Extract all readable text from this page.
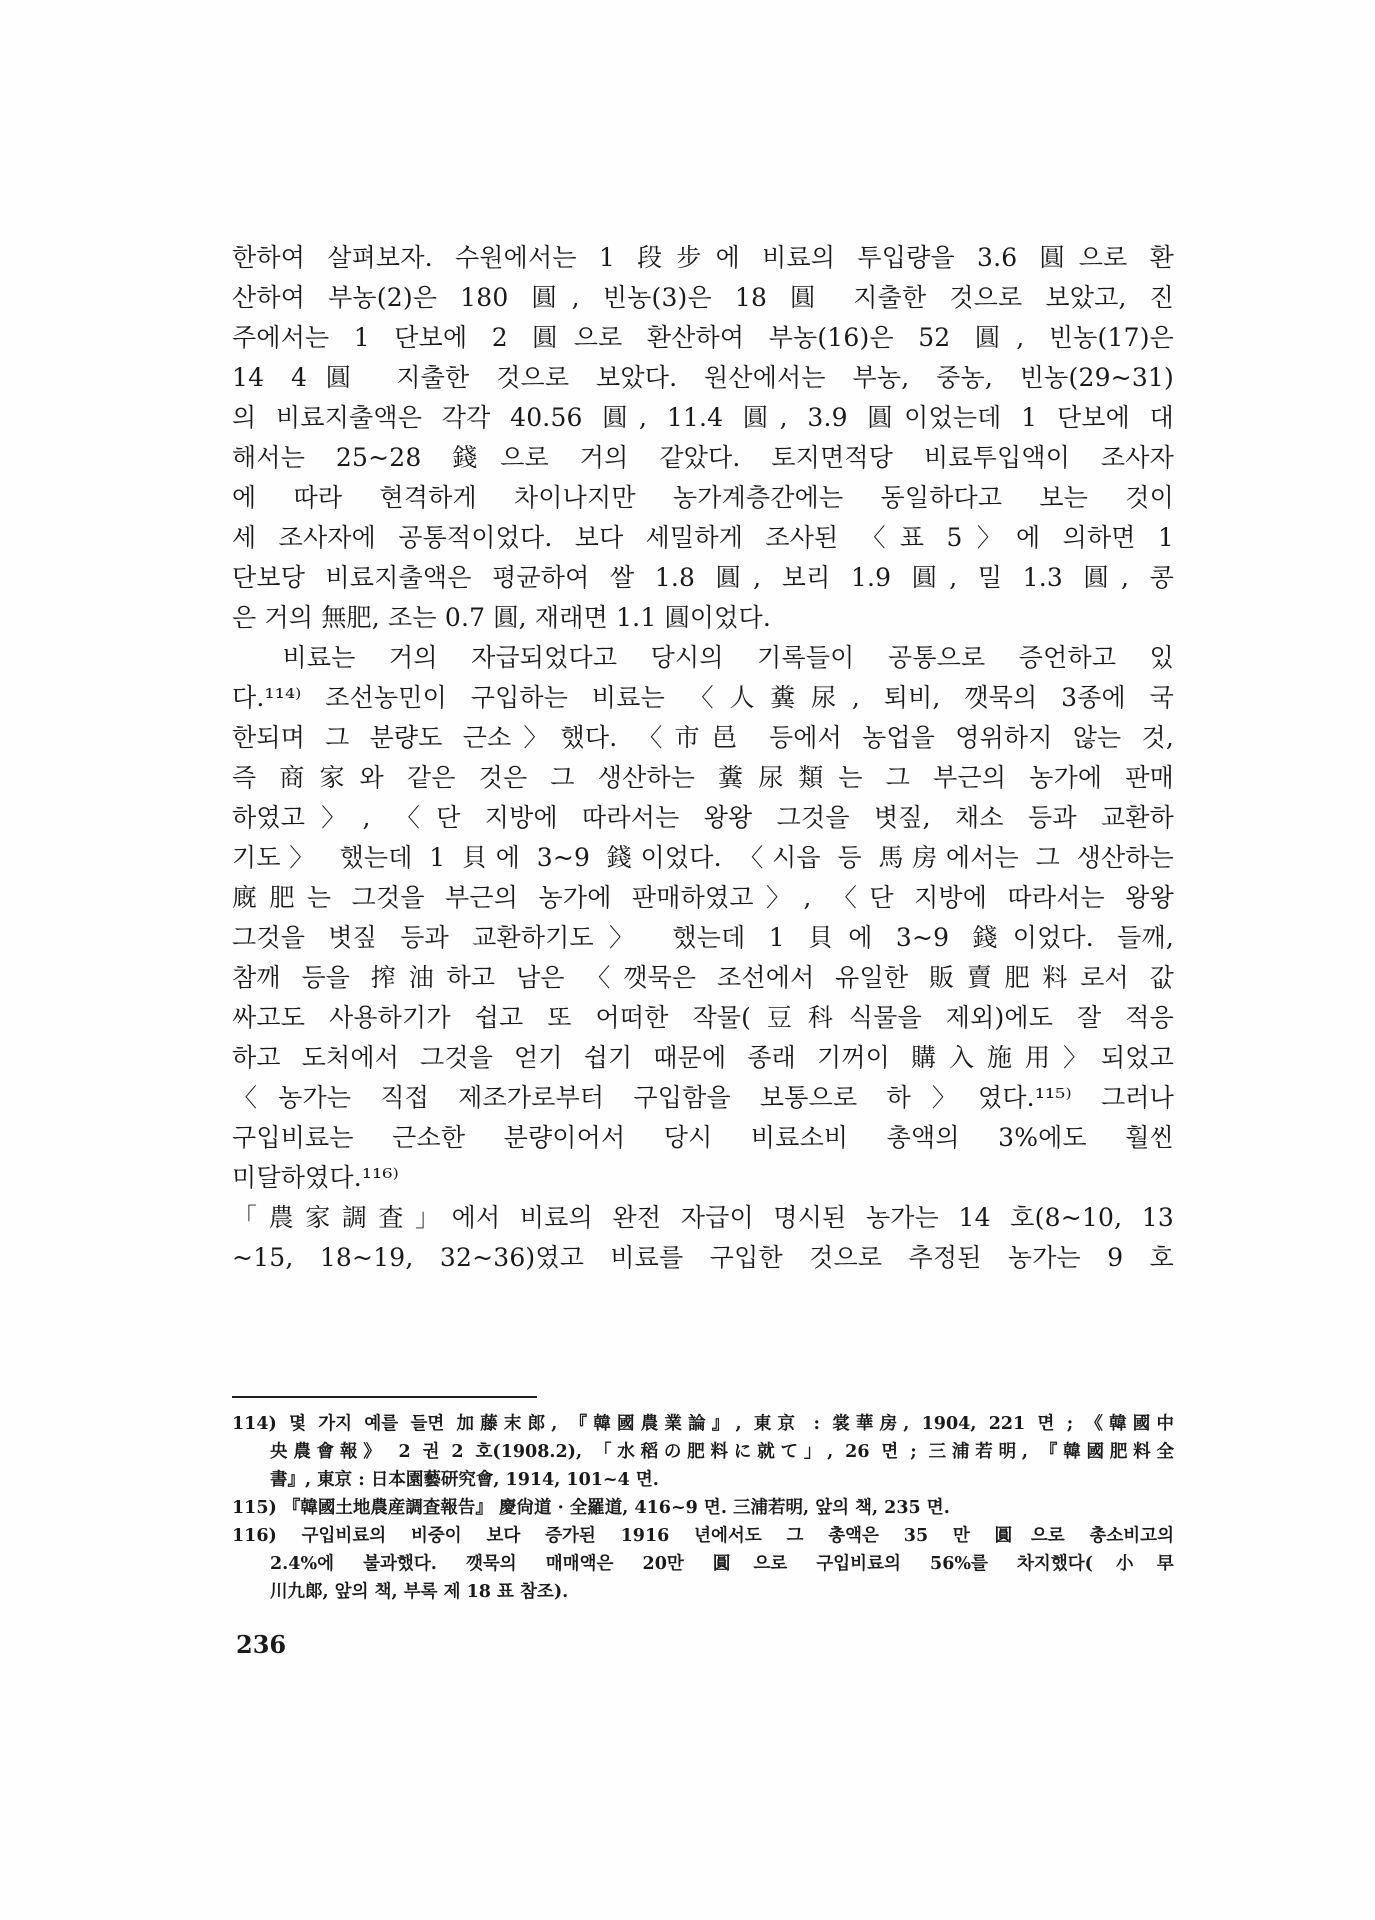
한하여 살펴보자. 수원에서는 1 段步에 비료의 투입량을 3.6 圓으로 환
산하여 부농(2)은 180 圓, 빈농(3)은 18 圓 지출한 것으로 보았고, 진
주에서는 1 단보에 2 圓으로 환산하여 부농(16)은 52 圓, 빈농(17)은
14 4圓 지출한 것으로 보았다. 원산에서는 부농, 중농, 빈농(29~31)
의 비료지출액은 각각 40.56 圓, 11.4 圓, 3.9 圓이었는데 1 단보에 대
해서는 25~28 錢으로 거의 같았다. 토지면적당 비료투입액이 조사자
에 따라 현격하게 차이나지만 농가계층간에는 동일하다고 보는 것이
세 조사자에 공통적이었다. 보다 세밀하게 조사된 〈표 5〉에 의하면 1
단보당 비료지출액은 평균하여 쌀 1.8 圓, 보리 1.9 圓, 밀 1.3 圓, 콩
은 거의 無肥, 조는 0.7 圓, 재래면 1.1 圓이었다.
　비료는 거의 자급되었다고 당시의 기록들이 공통으로 증언하고 있
다.¹¹⁴⁾ 조선농민이 구입하는 비료는 〈人糞尿, 퇴비, 깻묵의 3종에 국
한되며 그 분량도 근소〉했다. 〈市邑 등에서 농업을 영위하지 않는 것,
즉 商家와 같은 것은 그 생산하는 糞尿類는 그 부근의 농가에 판매
하였고〉, 〈단 지방에 따라서는 왕왕 그것을 볏짚, 채소 등과 교환하
기도〉 했는데 1 貝에 3~9 錢이었다. 〈시읍 등 馬房에서는 그 생산하는
廐肥는 그것을 부근의 농가에 판매하였고〉, 〈단 지방에 따라서는 왕왕
그것을 볏짚 등과 교환하기도〉 했는데 1 貝에 3~9 錢이었다. 들깨,
참깨 등을 搾油하고 남은 〈깻묵은 조선에서 유일한 販賣肥料로서 값
싸고도 사용하기가 쉽고 또 어떠한 작물(豆科식물을 제외)에도 잘 적응
하고 도처에서 그것을 얻기 쉽기 때문에 종래 기꺼이 購入施用〉되었고
〈농가는 직접 제조가로부터 구입함을 보통으로 하〉였다.¹¹⁵⁾ 그러나
구입비료는 근소한 분량이어서 당시 비료소비 총액의 3%에도 훨씬
미달하였다.¹¹⁶⁾
「農家調査」에서 비료의 완전 자급이 명시된 농가는 14 호(8~10, 13
~15, 18~19, 32~36)였고 비료를 구입한 것으로 추정된 농가는 9 호
114) 몇 가지 예를 들면 加藤末郎, 『韓國農業論』, 東京 : 裳華房, 1904, 221 면 ; 《韓國中
央農會報》 2 권 2 호(1908.2), 「水稻の肥料に就て」, 26 면 ; 三浦若明, 『韓國肥料全
書』, 東京 : 日本園藝研究會, 1914, 101~4 면.
115) 『韓國土地農産調査報告』 慶尙道 · 全羅道, 416~9 면. 三浦若明, 앞의 책, 235 면.
116) 구입비료의 비중이 보다 증가된 1916 년에서도 그 총액은 35 만 圓으로 총소비고의
2.4%에 불과했다. 깻묵의 매매액은 20만 圓으로 구입비료의 56%를 차지했다(小早
川九郞, 앞의 책, 부록 제 18 표 참조).
236
